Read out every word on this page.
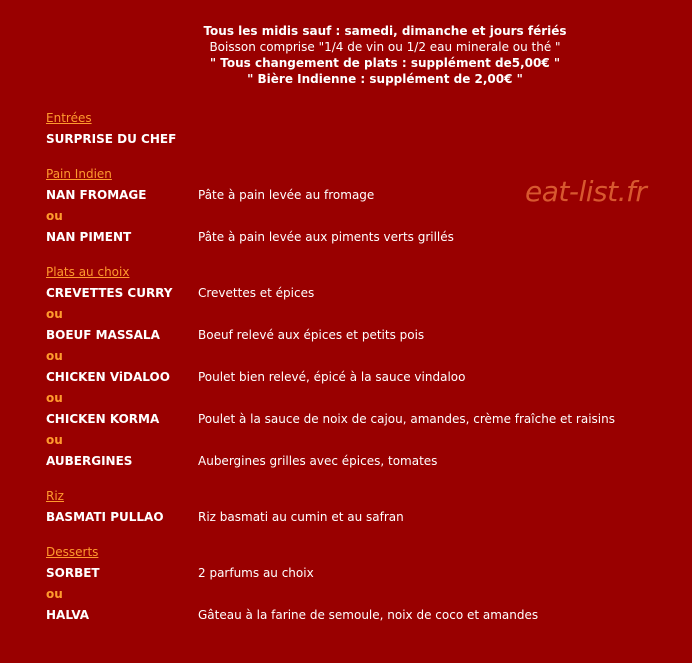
Tous les midis sauf : samedi, dimanche et jours fériés
Boisson comprise "1/4 de vin ou 1/2 eau minerale ou thé "
" Tous changement de plats : supplément de5,00€ "
" Bière Indienne : supplément de 2,00€ "
eat-list.fr
Entrées
SURPRISE DU CHEF
Pain Indien
NAN FROMAGE	Pâte à pain levée au fromage
ou
NAN PIMENT	Pâte à pain levée aux piments verts grillés
Plats au choix
CREVETTES CURRY Crevettes et épices
ou
BOEUF MASSALA	Boeuf relevé aux épices et petits pois
ou
CHICKEN ViDALOO Poulet bien relevé, épicé à la sauce vindaloo
ou
CHICKEN KORMA	Poulet à la sauce de noix de cajou, amandes, crème fraîche et raisins
ou
AUBERGINES	Aubergines grilles avec épices, tomates
Riz
BASMATI PULLAO	Riz basmati au cumin et au safran
Desserts
SORBET	2 parfums au choix
ou
HALVA	Gâteau à la farine de semoule, noix de coco et amandes
